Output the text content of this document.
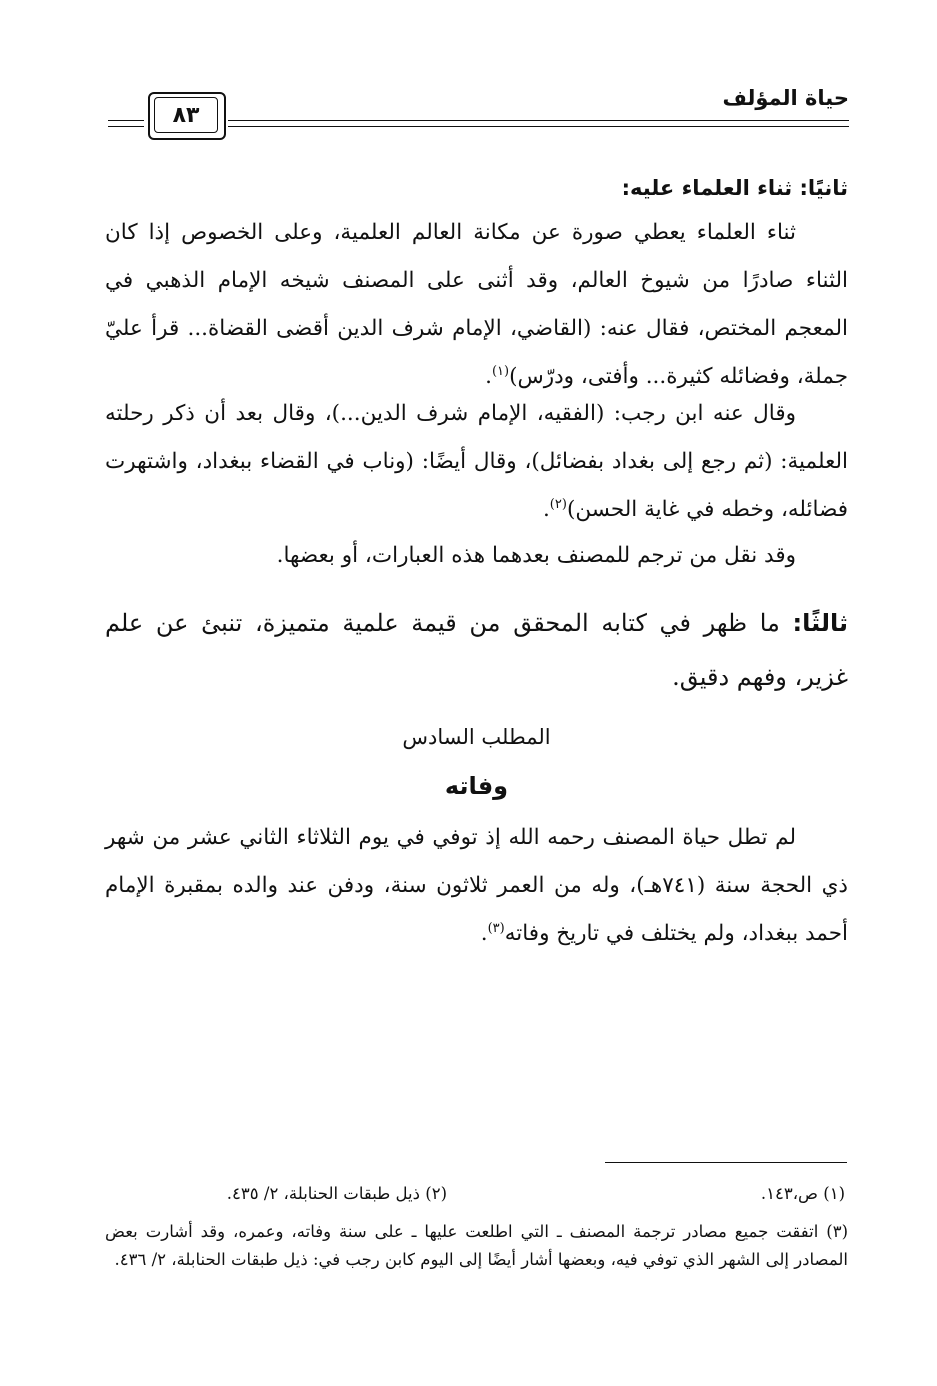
حياة المؤلف
٨٣
ثانيًا: ثناء العلماء عليه:
ثناء العلماء يعطي صورة عن مكانة العالم العلمية، وعلى الخصوص إذا كان الثناء صادرًا من شيوخ العالم، وقد أثنى على المصنف شيخه الإمام الذهبي في المعجم المختص، فقال عنه: (القاضي، الإمام شرف الدين أقضى القضاة... قرأ عليّ جملة، وفضائله كثيرة... وأفتى، ودرّس)$^{(١)}$.
وقال عنه ابن رجب: (الفقيه، الإمام شرف الدين...)، وقال بعد أن ذكر رحلته العلمية: (ثم رجع إلى بغداد بفضائل)، وقال أيضًا: (وناب في القضاء ببغداد، واشتهرت فضائله، وخطه في غاية الحسن)$^{(٢)}$.
وقد نقل من ترجم للمصنف بعدهما هذه العبارات، أو بعضها.
ثالثًا: ما ظهر في كتابه المحقق من قيمة علمية متميزة، تنبئ عن علم غزير، وفهم دقيق.
المطلب السادس
وفاته
لم تطل حياة المصنف رحمه الله إذ توفي في يوم الثلاثاء الثاني عشر من شهر ذي الحجة سنة (٧٤١هـ)، وله من العمر ثلاثون سنة، ودفن عند والده بمقبرة الإمام أحمد ببغداد، ولم يختلف في تاريخ وفاته$^{(٣)}$.
(١) ص،١٤٣.
(٢) ذيل طبقات الحنابلة، ٢/ ٤٣٥.
(٣) اتفقت جميع مصادر ترجمة المصنف ـ التي اطلعت عليها ـ على سنة وفاته، وعمره، وقد أشارت بعض المصادر إلى الشهر الذي توفي فيه، وبعضها أشار أيضًا إلى اليوم كابن رجب في: ذيل طبقات الحنابلة، ٢/ ٤٣٦.
